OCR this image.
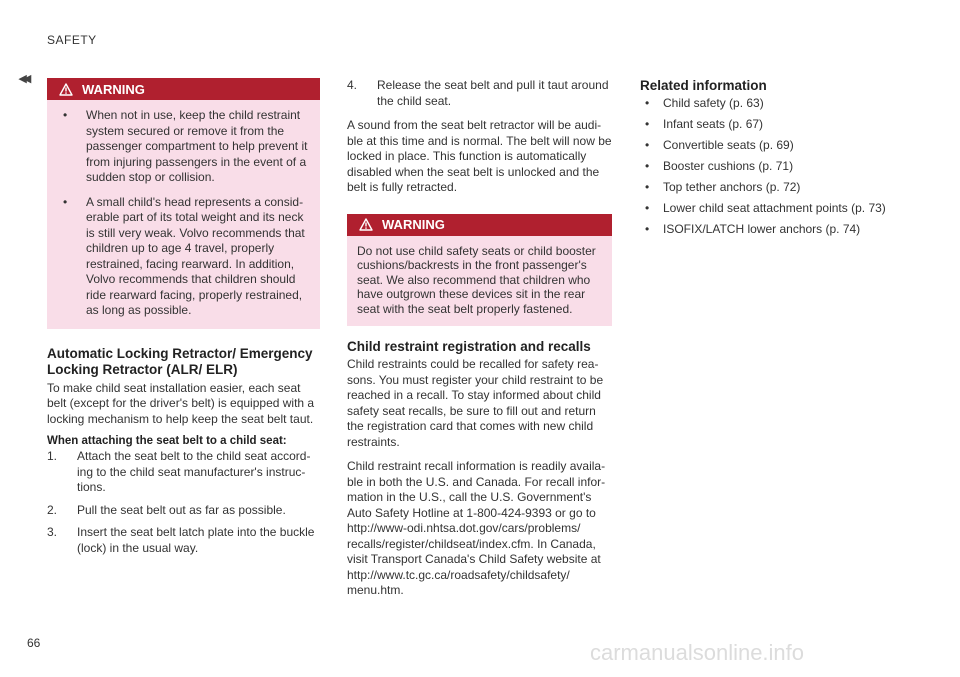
SAFETY
◂◂
WARNING
• When not in use, keep the child restraint system secured or remove it from the passenger compartment to help prevent it from injuring passengers in the event of a sudden stop or collision.
• A small child's head represents a consid-erable part of its total weight and its neck is still very weak. Volvo recommends that children up to age 4 travel, properly restrained, facing rearward. In addition, Volvo recommends that children should ride rearward facing, properly restrained, as long as possible.
Automatic Locking Retractor/ Emergency Locking Retractor (ALR/ ELR)

To make child seat installation easier, each seat belt (except for the driver's belt) is equipped with a locking mechanism to help keep the seat belt taut.

When attaching the seat belt to a child seat:
1.	Attach the seat belt to the child seat accord-ing to the child seat manufacturer's instruc-tions.
2.	Pull the seat belt out as far as possible.
3.	Insert the seat belt latch plate into the buckle (lock) in the usual way.
4.	Release the seat belt and pull it taut around the child seat.

A sound from the seat belt retractor will be audi-ble at this time and is normal. The belt will now be locked in place. This function is automatically disabled when the seat belt is unlocked and the belt is fully retracted.

WARNING

Do not use child safety seats or child booster cushions/backrests in the front passenger's seat. We also recommend that children who have outgrown these devices sit in the rear seat with the seat belt properly fastened.

Child restraint registration and recalls

Child restraints could be recalled for safety rea-sons. You must register your child restraint to be reached in a recall. To stay informed about child safety seat recalls, be sure to fill out and return the registration card that comes with new child restraints.

Child restraint recall information is readily availa-ble in both the U.S. and Canada. For recall infor-mation in the U.S., call the U.S. Government's Auto Safety Hotline at 1-800-424-9393 or go to http://www-odi.nhtsa.dot.gov/cars/problems/ recalls/register/childseat/index.cfm. In Canada, visit Transport Canada's Child Safety website at http://www.tc.gc.ca/roadsafety/childsafety/ menu.htm.

Related information
• Child safety (p. 63)
• Infant seats (p. 67)
• Convertible seats (p. 69)
• Booster cushions (p. 71)
• Top tether anchors (p. 72)
• Lower child seat attachment points (p. 73)
• ISOFIX/LATCH lower anchors (p. 74)
66	carmanualsonline.info
